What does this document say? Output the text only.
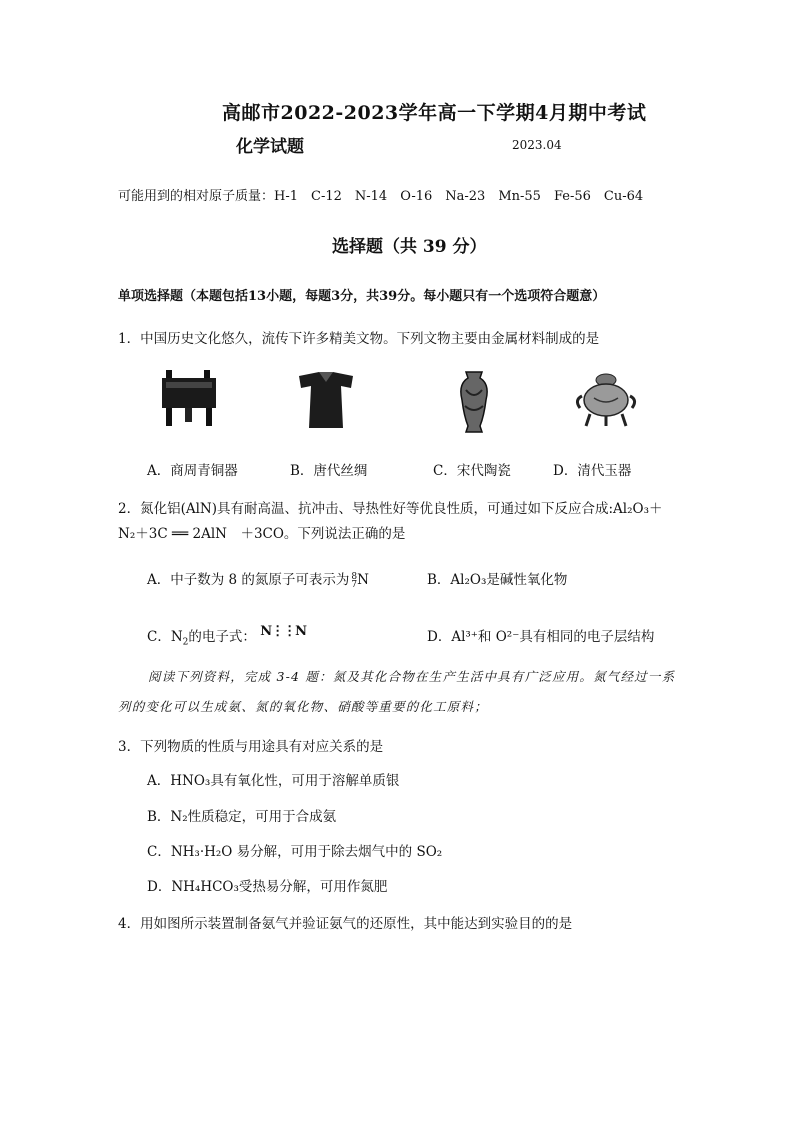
高邮市2022-2023学年高一下学期4月期中考试
化学试题	2023.04
可能用到的相对原子质量：H-1　C-12　N-14　O-16　Na-23　Mn-55　Fe-56　Cu-64
选择题（共 39 分）
单项选择题（本题包括13小题，每题3分，共39分。每小题只有一个选项符合题意）
1．中国历史文化悠久，流传下许多精美文物。下列文物主要由金属材料制成的是
A．商周青铜器	B．唐代丝绸	C．宋代陶瓷	D．清代玉器
2．氮化铝(AlN)具有耐高温、抗冲击、导热性好等优良性质，可通过如下反应合成:Al₂O₃＋
N₂＋3C ══ 2AlN　＋3CO。下列说法正确的是
A．中子数为 8 的氮原子可表示为 8
7 N	B．Al₂O₃是碱性氧化物
C．$N_2$的电子式： N⋮⋮N	D．Al³⁺和 O²⁻具有相同的电子层结构
阅读下列资料，完成 3-4 题：氮及其化合物在生产生活中具有广泛应用。氮气经过一系
列的变化可以生成氨、氮的氧化物、硝酸等重要的化工原料；
3．下列物质的性质与用途具有对应关系的是
A．HNO₃具有氧化性，可用于溶解单质银
B．N₂性质稳定，可用于合成氨
C．NH₃·H₂O 易分解，可用于除去烟气中的 SO₂
D．NH₄HCO₃受热易分解，可用作氮肥
4．用如图所示装置制备氨气并验证氨气的还原性，其中能达到实验目的的是
